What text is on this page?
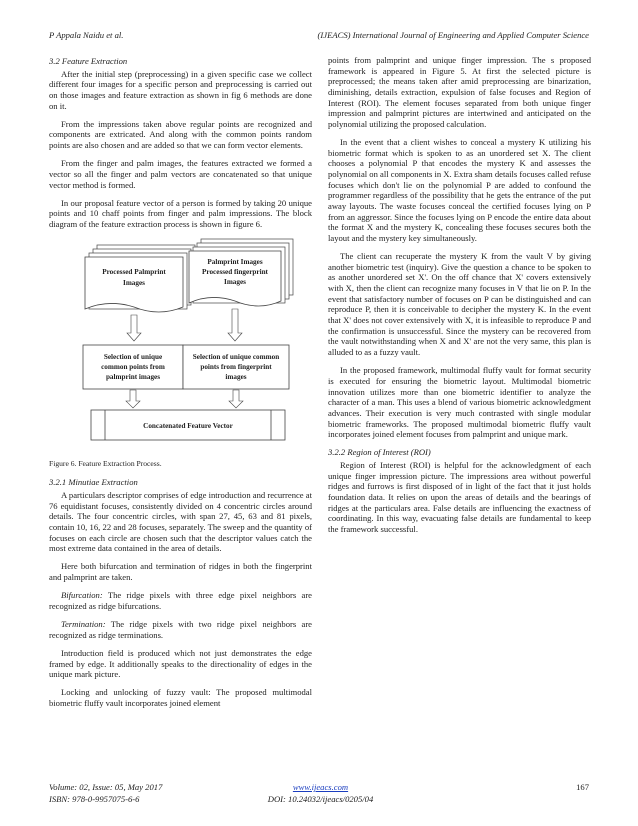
P Appala Naidu et al.	(IJEACS) International Journal of Engineering and Applied Computer Science
3.2 Feature Extraction

After the initial step (preprocessing) in a given specific case we collect different four images for a specific person and preprocessing is carried out on those images and feature extraction as shown in fig 6 methods are done on it.

From the impressions taken above regular points are recognized and components are extricated. And along with the common points random points are also chosen and are added so that we can form vector elements.

From the finger and palm images, the features extracted we formed a vector so all the finger and palm vectors are concatenated so that unique vector method is formed.

In our proposal feature vector of a person is formed by taking 20 unique points and 10 chaff points from finger and palm impressions. The block diagram of the feature extraction process is shown in figure 6.

Processed Palmprint
Images
Palmprint Images
Processed fingerprint
Images
Selection of unique
common points from
palmprint images
Selection of unique common
points from fingerprint
images
Concatenated Feature Vector

Figure 6. Feature Extraction Process.

3.2.1 Minutiae Extraction

A particulars descriptor comprises of edge introduction and recurrence at 76 equidistant focuses, consistently divided on 4 concentric circles around details. The four concentric circles, with span 27, 45, 63 and 81 pixels, contain 10, 16, 22 and 28 focuses, separately. The sweep and the quantity of focuses on each circle are chosen such that the descriptor values catch the most extreme data contained in the area of details.

Here both bifurcation and termination of ridges in both the fingerprint and palmprint are taken.

Bifurcation: The ridge pixels with three edge pixel neighbors are recognized as ridge bifurcations.

Termination: The ridge pixels with two ridge pixel neighbors are recognized as ridge terminations.

Introduction field is produced which not just demonstrates the edge framed by edge. It additionally speaks to the directionality of edges in the unique mark picture.

Locking and unlocking of fuzzy vault: The proposed multimodal biometric fluffy vault incorporates joined element

points from palmprint and unique finger impression. The s proposed framework is appeared in Figure 5. At first the selected picture is preprocessed; the means taken after amid preprocessing are binarization, diminishing, details extraction, expulsion of false focuses and Region of Interest (ROI). The element focuses separated from both unique finger impression and palmprint pictures are intertwined and anticipated on the polynomial utilizing the proposed calculation.

In the event that a client wishes to conceal a mystery K utilizing his biometric format which is spoken to as an unordered set X. The client chooses a polynomial P that encodes the mystery K and assesses the polynomial on all components in X. Extra sham details focuses called refuse focuses which don't lie on the polynomial P are added to confound the programmer regardless of the possibility that he gets the entrance of the put away layouts. The waste focuses conceal the certified focuses lying on P from an aggressor. Since the focuses lying on P encode the entire data about the format X and the mystery K, concealing these focuses secures both the layout and the mystery key simultaneously.

The client can recuperate the mystery K from the vault V by giving another biometric test (inquiry). Give the question a chance to be spoken to as another unordered set X'. On the off chance that X' covers extensively with X, then the client can recognize many focuses in V that lie on P. In the event that satisfactory number of focuses on P can be distinguished and can reproduce P, then it is conceivable to decipher the mystery K. In the event that X' does not cover extensively with X, it is infeasible to reproduce P and the confirmation is unsuccessful. Since the mystery can be recovered from the vault notwithstanding when X and X' are not the very same, this plan is alluded to as a fuzzy vault.

In the proposed framework, multimodal fluffy vault for format security is executed for ensuring the biometric layout. Multimodal biometric innovation utilizes more than one biometric identifier to analyze the character of a man. This uses a blend of various biometric acknowledgment advances. Their execution is very much contrasted with single modular biometric frameworks. The proposed multimodal biometric fluffy vault incorporates joined element focuses from palmprint and unique mark.

3.2.2 Region of Interest (ROI)

Region of Interest (ROI) is helpful for the acknowledgment of each unique finger impression picture. The impressions area without powerful ridges and furrows is first disposed of in light of the fact that it just holds foundation data. It relies on upon the areas of details and the bearings of ridges at the particulars area. False details are influencing the exactness of coordinating. In this way, evacuating false details are fundamental to keep the framework successful.

Volume: 02, Issue: 05, May 2017
ISBN: 978-0-9957075-6-6
www.ijeacs.com
DOI: 10.24032/ijeacs/0205/04
167
